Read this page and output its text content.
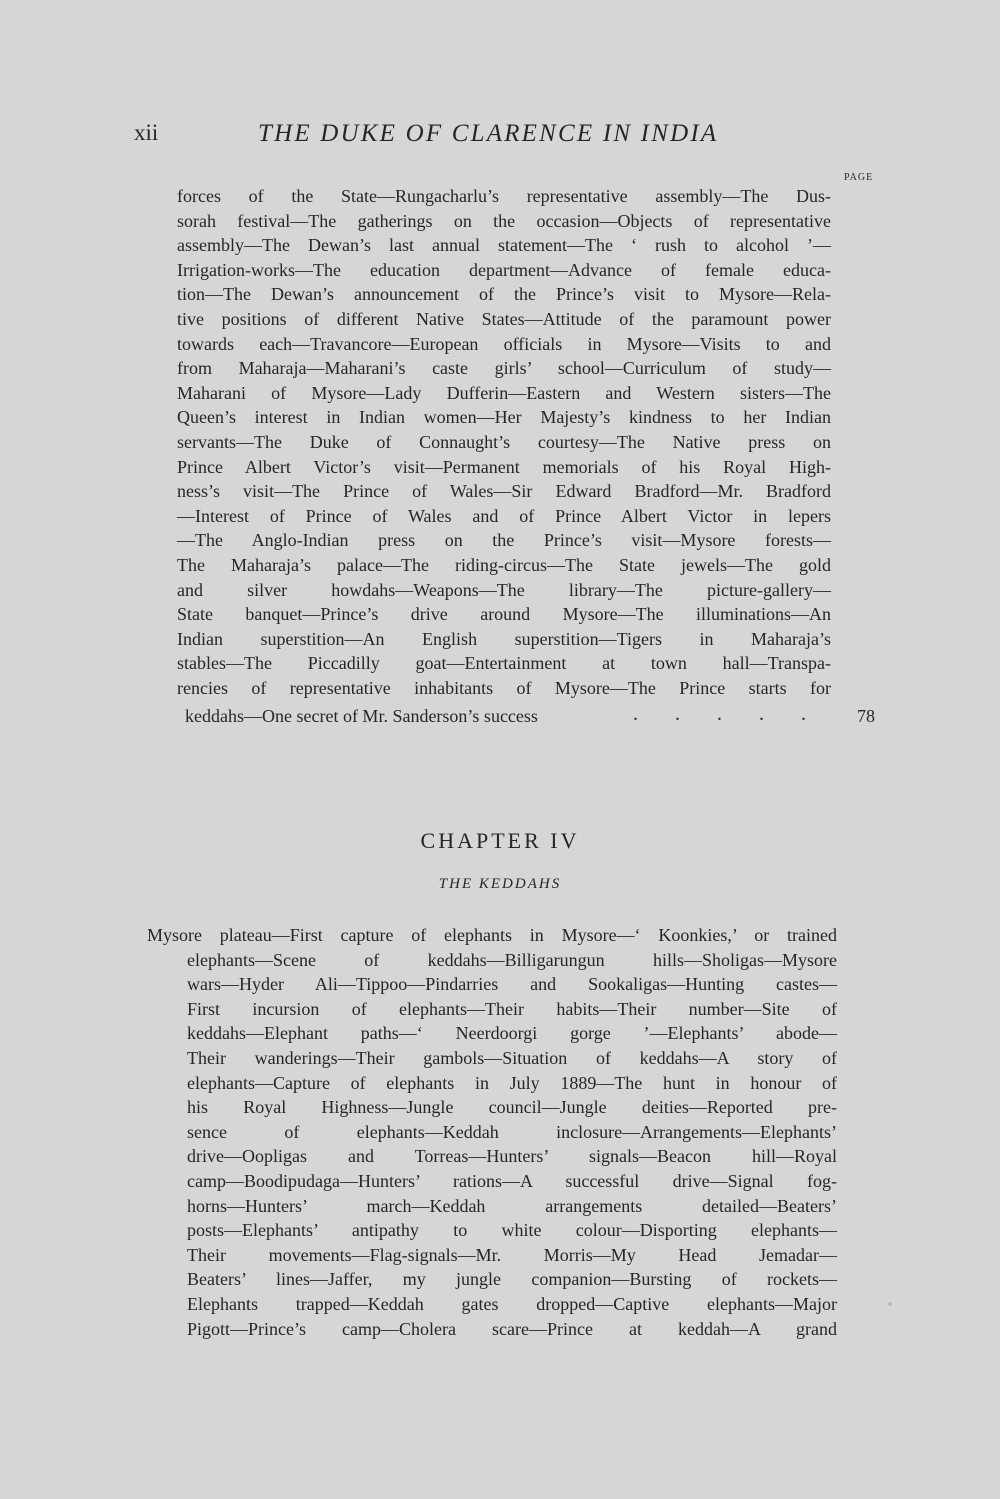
xii	THE DUKE OF CLARENCE IN INDIA
PAGE
forces of the State—Rungacharlu’s representative assembly—The Dus-
sorah festival—The gatherings on the occasion—Objects of representative
assembly—The Dewan’s last annual statement—The ‘ rush to alcohol ’—
Irrigation-works—The education department—Advance of female educa-
tion—The Dewan’s announcement of the Prince’s visit to Mysore—Rela-
tive positions of different Native States—Attitude of the paramount power
towards each—Travancore—European officials in Mysore—Visits to and
from Maharaja—Maharani’s caste girls’ school—Curriculum of study—
Maharani of Mysore—Lady Dufferin—Eastern and Western sisters—The
Queen’s interest in Indian women—Her Majesty’s kindness to her Indian
servants—The Duke of Connaught’s courtesy—The Native press on
Prince Albert Victor’s visit—Permanent memorials of his Royal High-
ness’s visit—The Prince of Wales—Sir Edward Bradford—Mr. Bradford
—Interest of Prince of Wales and of Prince Albert Victor in lepers
—The Anglo-Indian press on the Prince’s visit—Mysore forests—
The Maharaja’s palace—The riding-circus—The State jewels—The gold
and silver howdahs—Weapons—The library—The picture-gallery—
State banquet—Prince’s drive around Mysore—The illuminations—An
Indian superstition—An English superstition—Tigers in Maharaja’s
stables—The Piccadilly goat—Entertainment at town hall—Transpa-
rencies of representative inhabitants of Mysore—The Prince starts for
keddahs—One secret of Mr. Sanderson’s success	. . . . . 78
CHAPTER IV
THE KEDDAHS
Mysore plateau—First capture of elephants in Mysore—‘ Koonkies,’ or trained
elephants—Scene of keddahs—Billigarungun hills—Sholigas—Mysore
wars—Hyder Ali—Tippoo—Pindarries and Sookaligas—Hunting castes—
First incursion of elephants—Their habits—Their number—Site of
keddahs—Elephant paths—‘ Neerdoorgi gorge ’—Elephants’ abode—
Their wanderings—Their gambols—Situation of keddahs—A story of
elephants—Capture of elephants in July 1889—The hunt in honour of
his Royal Highness—Jungle council—Jungle deities—Reported pre-
sence of elephants—Keddah inclosure—Arrangements—Elephants’
drive—Oopligas and Torreas—Hunters’ signals—Beacon hill—Royal
camp—Boodipudaga—Hunters’ rations—A successful drive—Signal fog-
horns—Hunters’ march—Keddah arrangements detailed—Beaters’
posts—Elephants’ antipathy to white colour—Disporting elephants—
Their movements—Flag-signals—Mr. Morris—My Head Jemadar—
Beaters’ lines—Jaffer, my jungle companion—Bursting of rockets—
Elephants trapped—Keddah gates dropped—Captive elephants—Major
Pigott—Prince’s camp—Cholera scare—Prince at keddah—A grand
